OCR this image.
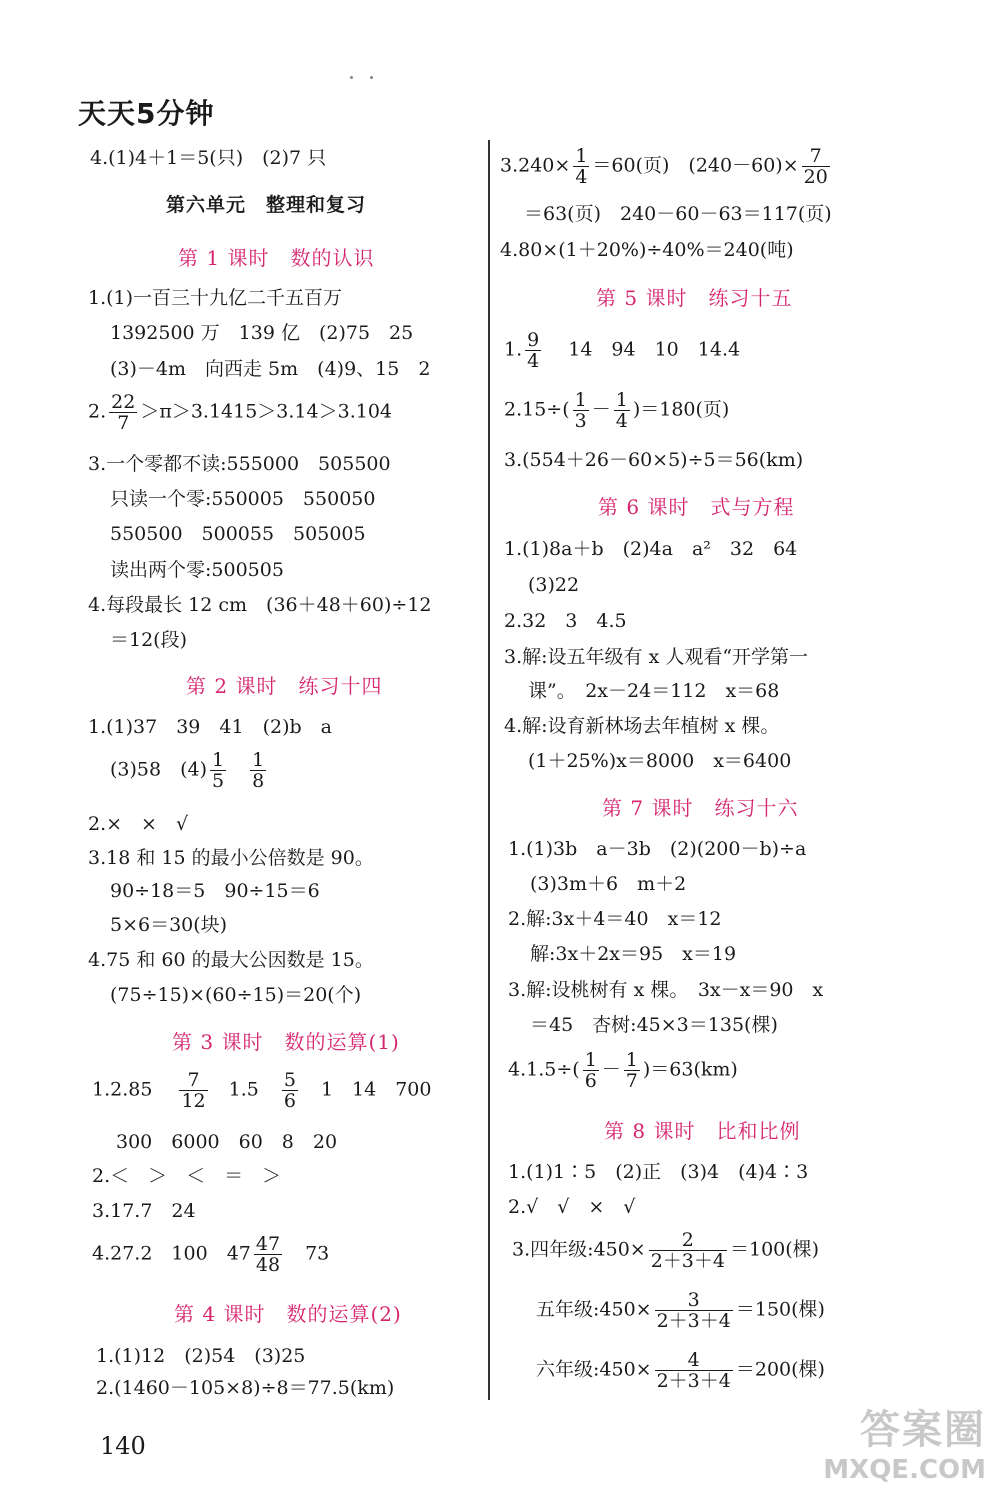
天天5分钟
4.(1)4＋1＝5(只)　(2)7 只
第六单元　整理和复习
第 1 课时　数的认识
1.(1)一百三十九亿二千五百万
1392500 万　139 亿　(2)75　25
(3)－4m　向西走 5m　(4)9、15　2
2. $\frac{22}{7} >\pi>3.1415>3.14>3.104$
3.一个零都不读:555000　505500
只读一个零:550005　550050
550500　500055　505005
读出两个零:500505
4.每段最长 12 cm　(36＋48＋60)÷12
＝12(段)
第 2 课时　练习十四
1.(1)37　39　41　(2)b　a
(3)58　$(4) \frac{1}{5} \frac{1}{8}$
2.×　×　√
3.18 和 15 的最小公倍数是 90。
90÷18＝5　90÷15＝6
5×6＝30(块)
4.75 和 60 的最大公因数是 15。
(75÷15)×(60÷15)＝20(个)
第 3 课时　数的运算(1)
$1.2.85 \frac{7}{12} 1.5 \frac{5}{6} 1$　14　700
300　6000　60　8　20
2.＜　＞　＜　＝　＞
3.17.7　24
4.27.2　100　$47 \frac{47}{48} 73$
第 4 课时　数的运算(2)
1.(1)12　(2)54　(3)25
2.(1460－105×8)÷8＝77.5(km)
$3.240\times \frac{1}{4} =60$(页)　$(240-60)\times \frac{7}{20}$
＝63(页)　240－60－63＝117(页)
4.80×(1＋20%)÷40%＝240(吨)
第 5 课时　练习十五
1. $\frac{9}{4} 14$　94　10　14.4
$2.15\div( \frac{1}{3} - \frac{1}{4} )=180$(页)
3.(554＋26－60×5)÷5＝56(km)
第 6 课时　式与方程
1.(1)8a＋b　(2)4a　a²　32　64
(3)22
2.32　3　4.5
3.解:设五年级有 x 人观看“开学第一
课”。　2x－24＝112　x＝68
4.解:设育新林场去年植树 x 棵。
(1＋25%)x＝8000　x＝6400
第 7 课时　练习十六
1.(1)3b　a－3b　(2)(200－b)÷a
(3)3m＋6　m＋2
2.解:3x＋4＝40　x＝12
解:3x＋2x＝95　x＝19
3.解:设桃树有 x 棵。　3x－x＝90　x
＝45　杏树:45×3＝135(棵)
$4.1.5\div( \frac{1}{6} - \frac{1}{7} )=63(km)$
第 8 课时　比和比例
1.(1)1∶5　(2)正　(3)4　(4)4∶3
2.√　√　×　√
3.四年级:450× $\frac{2}{2+3+4} =100$(棵)
五年级:450× $\frac{3}{2+3+4} =150$(棵)
六年级:450× $\frac{4}{2+3+4} =200$(棵)
140	答案圈
MXQE.COM
